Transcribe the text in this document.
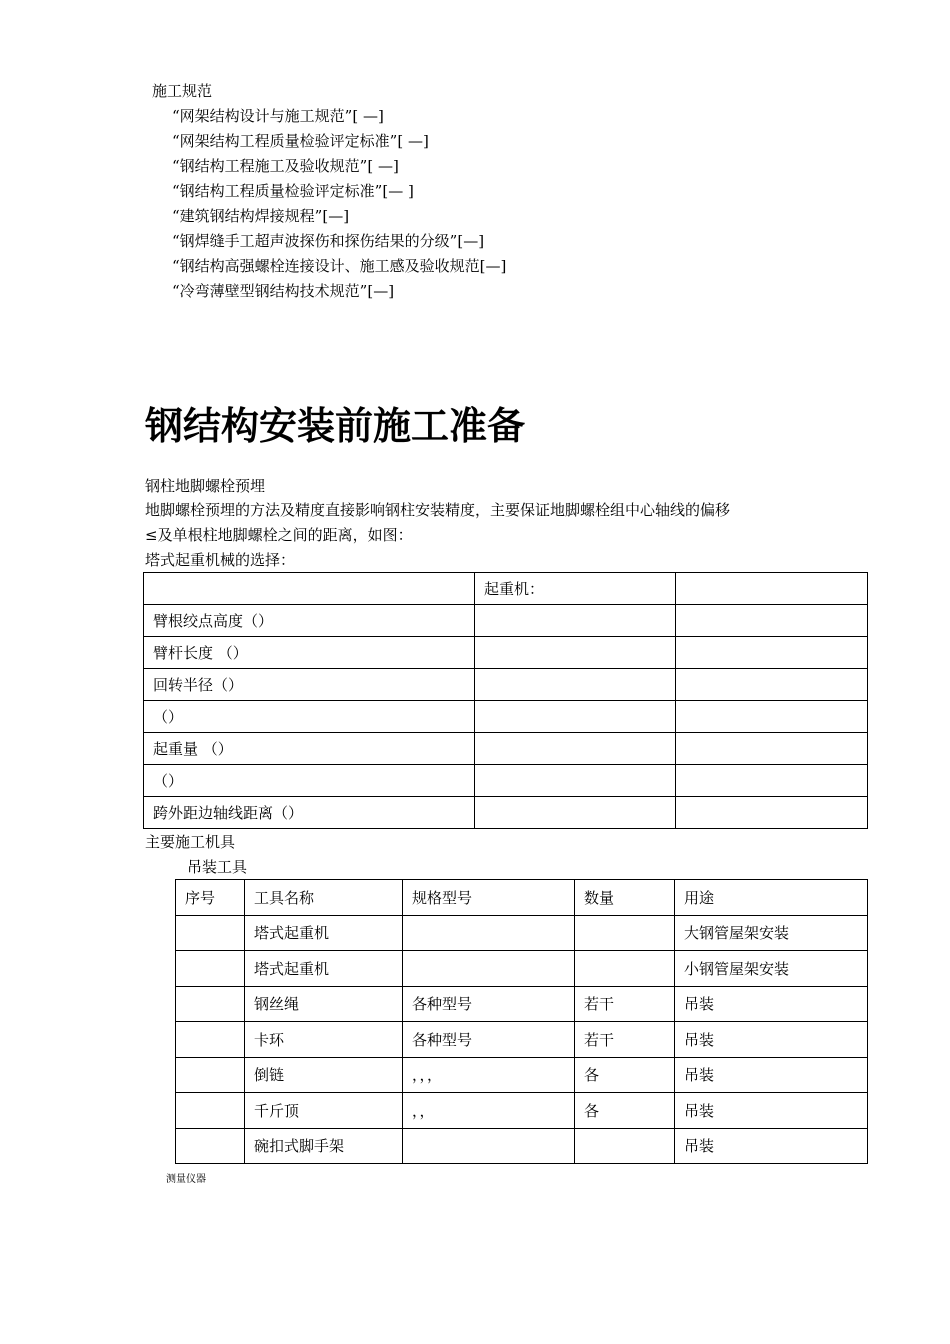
施工规范
“网架结构设计与施工规范”[ —]
“网架结构工程质量检验评定标准”[ —]
“钢结构工程施工及验收规范”[ —]
“钢结构工程质量检验评定标准”[— ]
“建筑钢结构焊接规程”[—]
“钢焊缝手工超声波探伤和探伤结果的分级”[—]
“钢结构高强螺栓连接设计、施工感及验收规范[—]
“冷弯薄壁型钢结构技术规范”[—]
钢结构安装前施工准备
钢柱地脚螺栓预埋
地脚螺栓预埋的方法及精度直接影响钢柱安装精度，主要保证地脚螺栓组中心轴线的偏移
≤及单根柱地脚螺栓之间的距离，如图：
塔式起重机械的选择：
	起重机：	
臂根绞点高度（）		
臂杆长度 （）		
回转半径（）		
（）		
起重量 （）		
（）		
跨外距边轴线距离（）		
主要施工机具
吊装工具
序号	工具名称	规格型号	数量	用途
	塔式起重机			大钢管屋架安装
	塔式起重机			小钢管屋架安装
	钢丝绳	各种型号	若干	吊装
	卡环	各种型号	若干	吊装
	倒链	，，，	各	吊装
	千斤顶	，，	各	吊装
	碗扣式脚手架			吊装
测量仪器
